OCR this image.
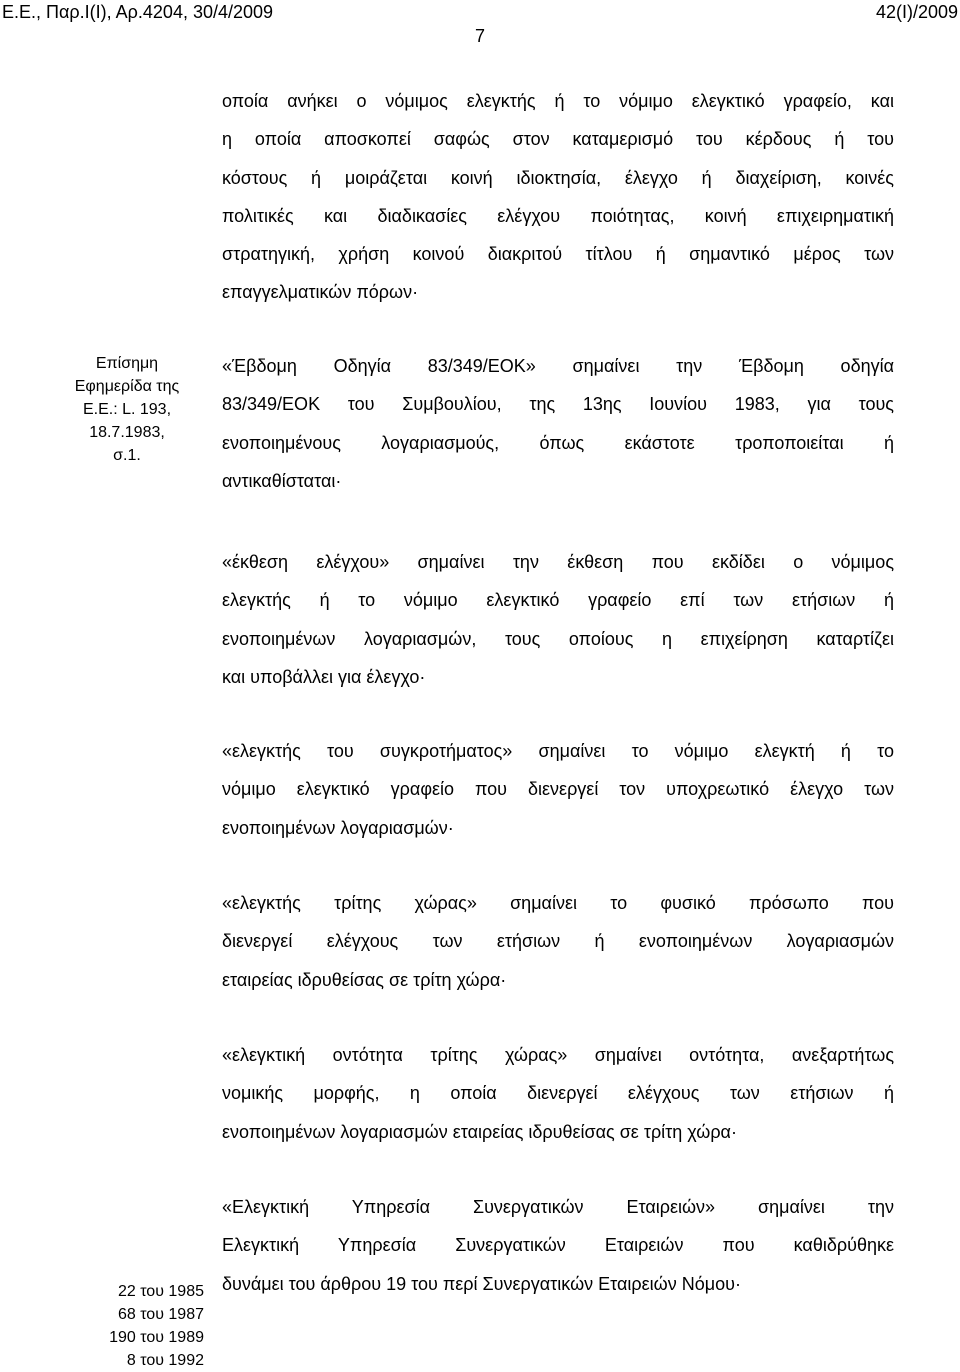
Ε.Ε., Παρ.Ι(Ι), Αρ.4204, 30/4/2009	42(Ι)/2009
7
οποία ανήκει ο νόμιμος ελεγκτής ή το νόμιμο ελεγκτικό γραφείο, και
η οποία αποσκοπεί σαφώς στον καταμερισμό του κέρδους ή του
κόστους ή μοιράζεται κοινή ιδιοκτησία, έλεγχο ή διαχείριση, κοινές
πολιτικές και διαδικασίες ελέγχου ποιότητας, κοινή επιχειρηματική
στρατηγική, χρήση κοινού διακριτού τίτλου ή σημαντικό μέρος των
επαγγελματικών πόρων·
«Έβδομη Οδηγία 83/349/ΕΟΚ» σημαίνει την Έβδομη οδηγία
83/349/ΕΟΚ του Συμβουλίου, της 13ης Ιουνίου 1983, για τους
ενοποιημένους λογαριασμούς, όπως εκάστοτε τροποποιείται ή
αντικαθίσταται·
«έκθεση ελέγχου» σημαίνει την έκθεση που εκδίδει ο νόμιμος
ελεγκτής ή το νόμιμο ελεγκτικό γραφείο επί των ετήσιων ή
ενοποιημένων λογαριασμών, τους οποίους η επιχείρηση καταρτίζει
και υποβάλλει για έλεγχο·
«ελεγκτής του συγκροτήματος» σημαίνει το νόμιμο ελεγκτή ή το
νόμιμο ελεγκτικό γραφείο που διενεργεί τον υποχρεωτικό έλεγχο των
ενοποιημένων λογαριασμών·
«ελεγκτής τρίτης χώρας» σημαίνει το φυσικό πρόσωπο που
διενεργεί ελέγχους των ετήσιων ή ενοποιημένων λογαριασμών
εταιρείας ιδρυθείσας σε τρίτη χώρα·
«ελεγκτική οντότητα τρίτης χώρας» σημαίνει οντότητα, ανεξαρτήτως
νομικής μορφής, η οποία διενεργεί ελέγχους των ετήσιων ή
ενοποιημένων λογαριασμών εταιρείας ιδρυθείσας σε τρίτη χώρα·
«Ελεγκτική Υπηρεσία Συνεργατικών Εταιρειών» σημαίνει την
Ελεγκτική Υπηρεσία Συνεργατικών Εταιρειών που καθιδρύθηκε
δυνάμει του άρθρου 19 του περί Συνεργατικών Εταιρειών Νόμου·
Επίσημη
Εφημερίδα της
Ε.Ε.: L. 193,
18.7.1983,
σ.1.
22 του 1985
68 του 1987
190 του 1989
8 του 1992
